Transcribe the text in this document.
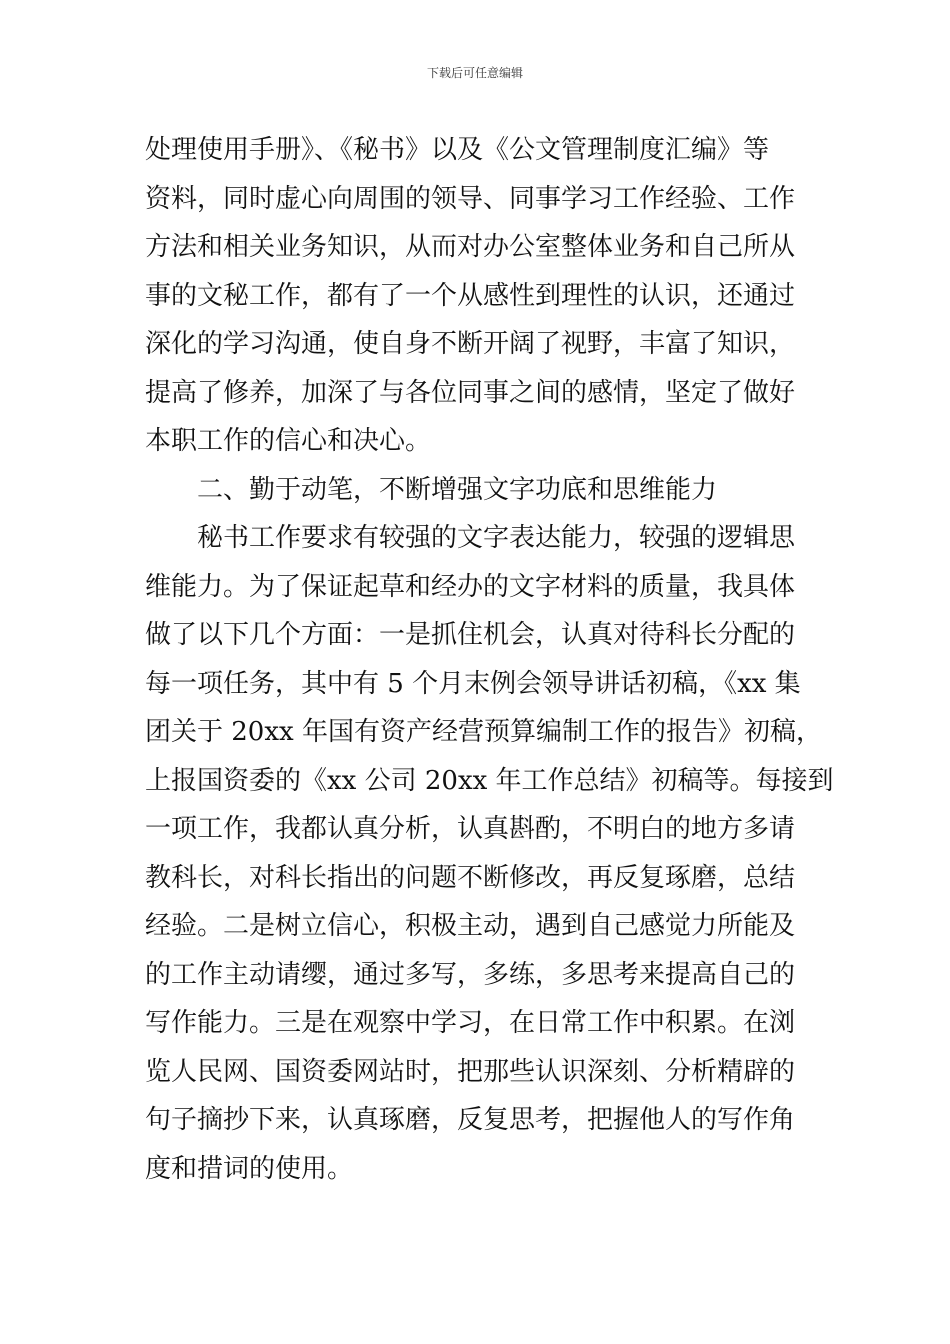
下载后可任意编辑
处理使用手册》、《秘书》以及《公文管理制度汇编》等
资料，同时虚心向周围的领导、同事学习工作经验、工作
方法和相关业务知识，从而对办公室整体业务和自己所从
事的文秘工作，都有了一个从感性到理性的认识，还通过
深化的学习沟通，使自身不断开阔了视野，丰富了知识，
提高了修养，加深了与各位同事之间的感情，坚定了做好
本职工作的信心和决心。
二、勤于动笔，不断增强文字功底和思维能力
秘书工作要求有较强的文字表达能力，较强的逻辑思
维能力。为了保证起草和经办的文字材料的质量，我具体
做了以下几个方面：一是抓住机会，认真对待科长分配的
每一项任务，其中有 5 个月末例会领导讲话初稿，《xx 集
团关于 20xx 年国有资产经营预算编制工作的报告》初稿，
上报国资委的《xx 公司 20xx 年工作总结》初稿等。每接到
一项工作，我都认真分析，认真斟酌，不明白的地方多请
教科长，对科长指出的问题不断修改，再反复琢磨，总结
经验。二是树立信心，积极主动，遇到自己感觉力所能及
的工作主动请缨，通过多写，多练，多思考来提高自己的
写作能力。三是在观察中学习，在日常工作中积累。在浏
览人民网、国资委网站时，把那些认识深刻、分析精辟的
句子摘抄下来，认真琢磨，反复思考，把握他人的写作角
度和措词的使用。
